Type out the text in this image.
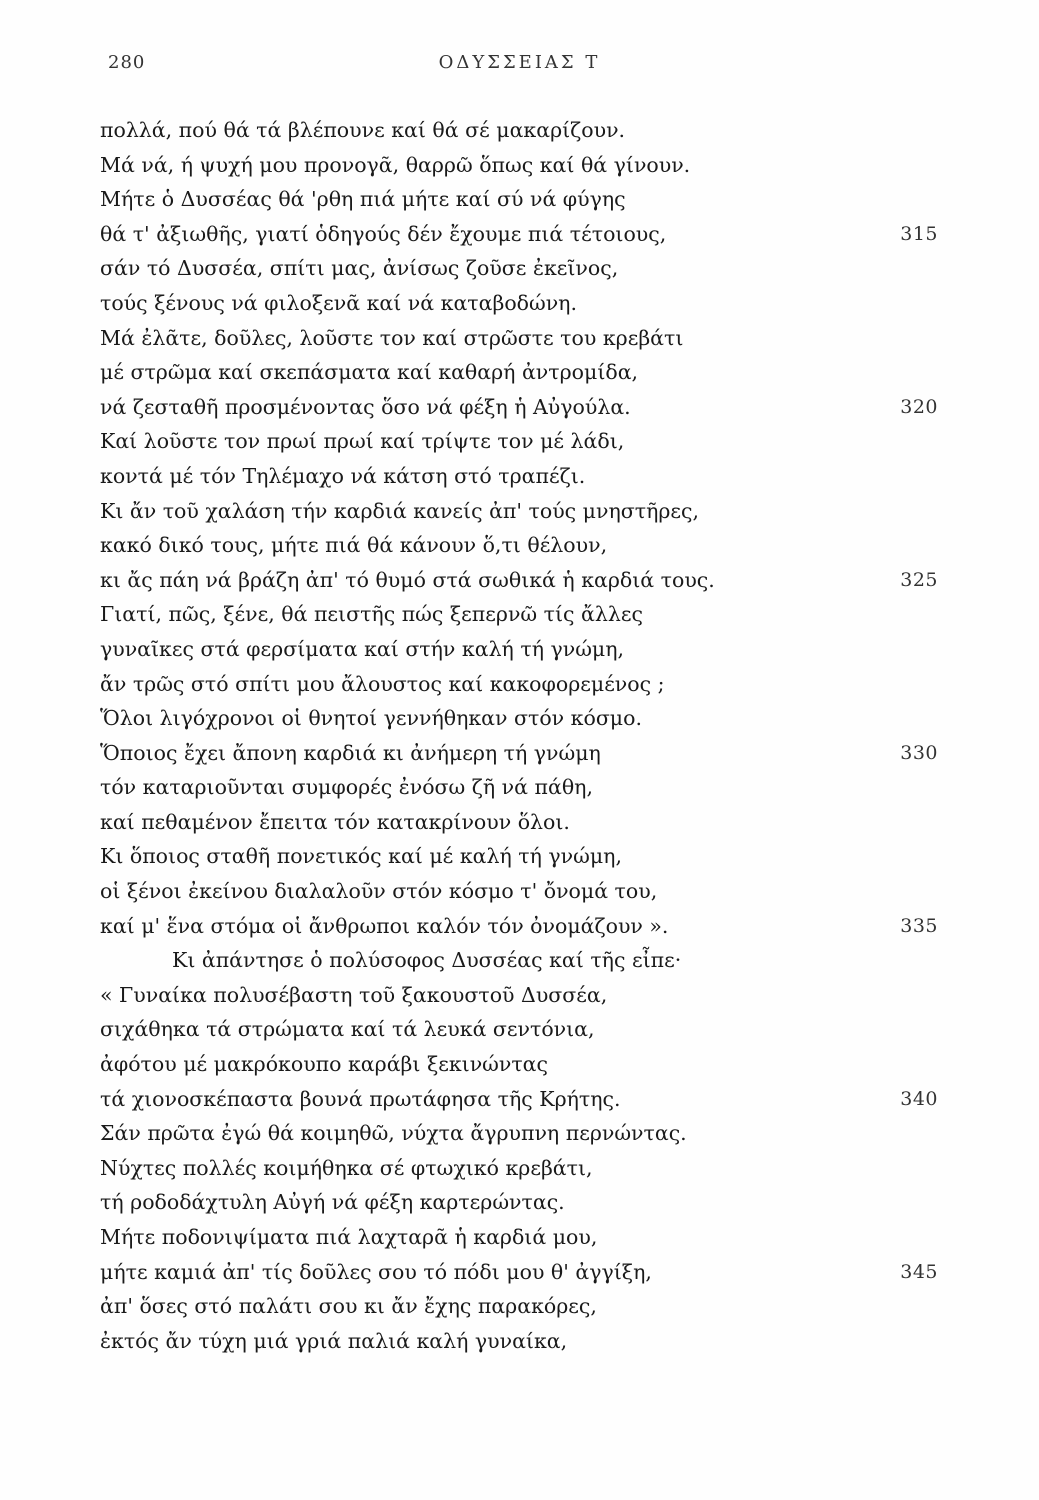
280	ΟΔΥΣΣΕΙΑΣ Τ
πολλά, πού θά τά βλέπουνε καί θά σέ μακαρίζουν.
Μά νά, ή ψυχή μου προνογᾶ, θαρρῶ ὅπως καί θά γίνουν.
Μήτε ὁ Δυσσέας θά 'ρθη πιά μήτε καί σύ νά φύγης
θά τ' ἀξιωθῆς, γιατί ὁδηγούς δέν ἔχουμε πιά τέτοιους,	315
σάν τό Δυσσέα, σπίτι μας, ἀνίσως ζοῦσε ἐκεῖνος,
τούς ξένους νά φιλοξενᾶ καί νά καταβοδώνη.
Μά ἐλᾶτε, δοῦλες, λοῦστε τον καί στρῶστε του κρεβάτι
μέ στρῶμα καί σκεπάσματα καί καθαρή ἀντρομίδα,
νά ζεσταθῆ προσμένοντας ὅσο νά φέξη ἡ Αὐγούλα.	320
Καί λοῦστε τον πρωί πρωί καί τρίψτε τον μέ λάδι,
κοντά μέ τόν Τηλέμαχο νά κάτση στό τραπέζι.
Κι ἄν τοῦ χαλάση τήν καρδιά κανείς ἀπ' τούς μνηστῆρες,
κακό δικό τους, μήτε πιά θά κάνουν ὅ,τι θέλουν,
κι ἄς πάη νά βράζη ἀπ' τό θυμό στά σωθικά ἡ καρδιά τους.	325
Γιατί, πῶς, ξένε, θά πειστῆς πώς ξεπερνῶ τίς ἄλλες
γυναῖκες στά φερσίματα καί στήν καλή τή γνώμη,
ἄν τρῶς στό σπίτι μου ἄλουστος καί κακοφορεμένος ;
Ὅλοι λιγόχρονοι οἱ θνητοί γεννήθηκαν στόν κόσμο.
Ὅποιος ἔχει ἄπονη καρδιά κι ἀνήμερη τή γνώμη	330
τόν καταριοῦνται συμφορές ἐνόσω ζῆ νά πάθη,
καί πεθαμένον ἔπειτα τόν κατακρίνουν ὅλοι.
Κι ὅποιος σταθῆ πονετικός καί μέ καλή τή γνώμη,
οἱ ξένοι ἐκείνου διαλαλοῦν στόν κόσμο τ' ὄνομά του,
καί μ' ἕνα στόμα οἱ ἄνθρωποι καλόν τόν ὀνομάζουν ».	335
Κι ἀπάντησε ὁ πολύσοφος Δυσσέας καί τῆς εἶπε·
« Γυναίκα πολυσέβαστη τοῦ ξακουστοῦ Δυσσέα,
σιχάθηκα τά στρώματα καί τά λευκά σεντόνια,
ἀφότου μέ μακρόκουπο καράβι ξεκινώντας
τά χιονοσκέπαστα βουνά πρωτάφησα τῆς Κρήτης.	340
Σάν πρῶτα ἐγώ θά κοιμηθῶ, νύχτα ἄγρυπνη περνώντας.
Νύχτες πολλές κοιμήθηκα σέ φτωχικό κρεβάτι,
τή ροδοδάχτυλη Αὐγή νά φέξη καρτερώντας.
Μήτε ποδονιψίματα πιά λαχταρᾶ ἡ καρδιά μου,
μήτε καμιά ἀπ' τίς δοῦλες σου τό πόδι μου θ' ἀγγίξη,	345
ἀπ' ὅσες στό παλάτι σου κι ἄν ἔχης παρακόρες,
ἐκτός ἄν τύχη μιά γριά παλιά καλή γυναίκα,
